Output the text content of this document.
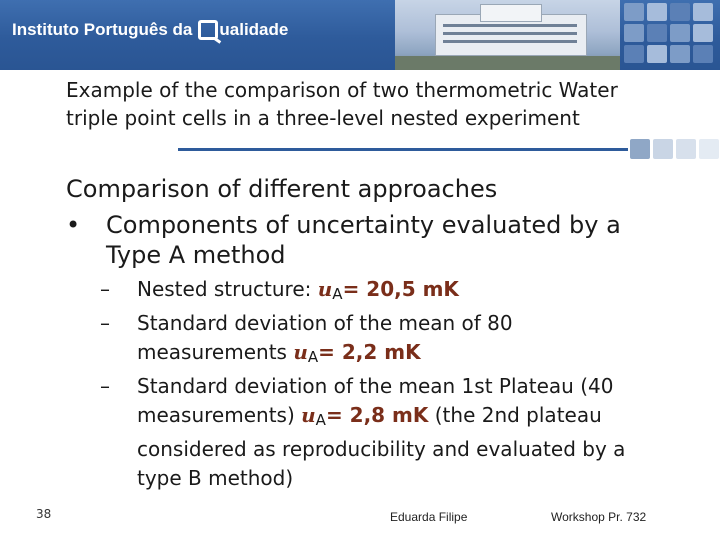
Instituto Português da ualidade
Example of the comparison of two thermometric Water triple point cells in a three-level nested experiment
Comparison of different approaches
• Components of uncertainty evaluated by a Type A method
– Nested structure: $u_A= 20,5$ mK
– Standard deviation of the mean of 80 measurements $u_A= 2,2$ mK
– Standard deviation of the mean 1st Plateau (40 measurements) $u_A= 2,8$ mK (the 2nd plateau considered as reproducibility and evaluated by a type B method)
38	Eduarda Filipe	Workshop Pr. 732
